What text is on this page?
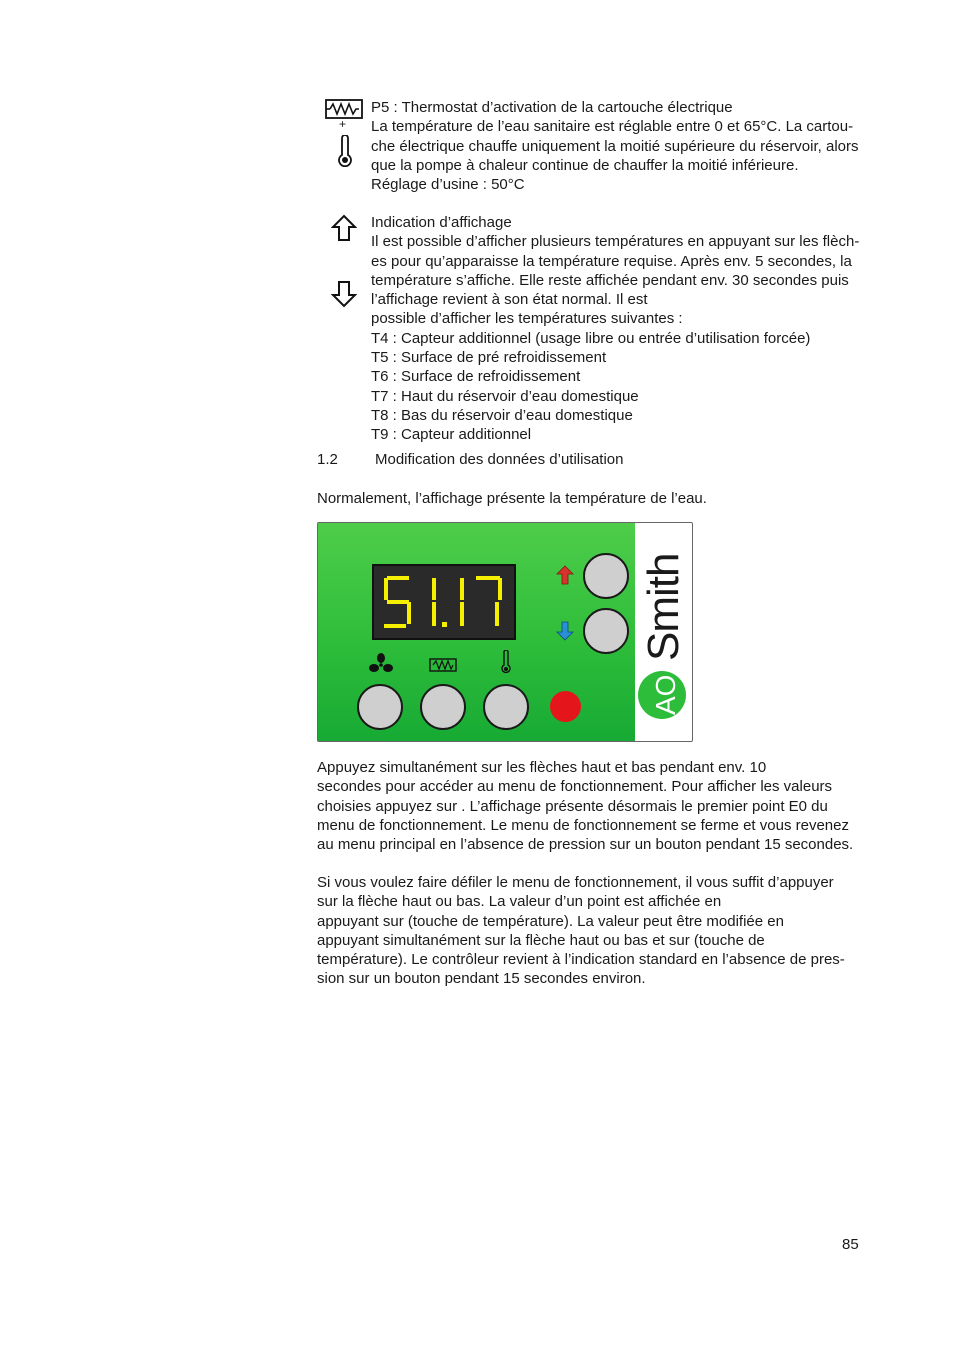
+
P5 : Thermostat d’activation de la cartouche électrique
La température de l’eau sanitaire est réglable entre 0 et 65°C. La cartou-
che électrique chauffe uniquement la moitié supérieure du réservoir, alors
que la pompe à chaleur continue de chauffer la moitié inférieure.
Réglage d’usine : 50°C
Indication d’affichage
Il est possible d’afficher plusieurs températures en appuyant sur les flèch-
es pour qu’apparaisse la température requise. Après env. 5 secondes, la
température s’affiche. Elle reste affichée pendant env. 30 secondes puis
l’affichage revient à son état normal. Il est
possible d’afficher les températures suivantes :
T4 : Capteur additionnel (usage libre ou entrée d’utilisation forcée)
T5 : Surface de pré refroidissement
T6 : Surface de refroidissement
T7 : Haut du réservoir d’eau domestique
T8 : Bas du réservoir d’eau domestique
T9 : Capteur additionnel
1.2 Modification des données d’utilisation
Normalement, l’affichage présente la température de l’eau.
Smith
AO
Appuyez simultanément sur les flèches haut et bas pendant env. 10
secondes pour accéder au menu de fonctionnement. Pour afficher les valeurs
choisies appuyez sur . L’affichage présente désormais le premier point E0 du
menu de fonctionnement. Le menu de fonctionnement se ferme et vous revenez
au menu principal en l’absence de pression sur un bouton pendant 15 secondes.
Si vous voulez faire défiler le menu de fonctionnement, il vous suffit d’appuyer
sur la flèche haut ou bas. La valeur d’un point est affichée en
appuyant sur (touche de température). La valeur peut être modifiée en
appuyant simultanément sur la flèche haut ou bas et sur (touche de
température). Le contrôleur revient à l’indication standard en l’absence de pres-
sion sur un bouton pendant 15 secondes environ.
85
